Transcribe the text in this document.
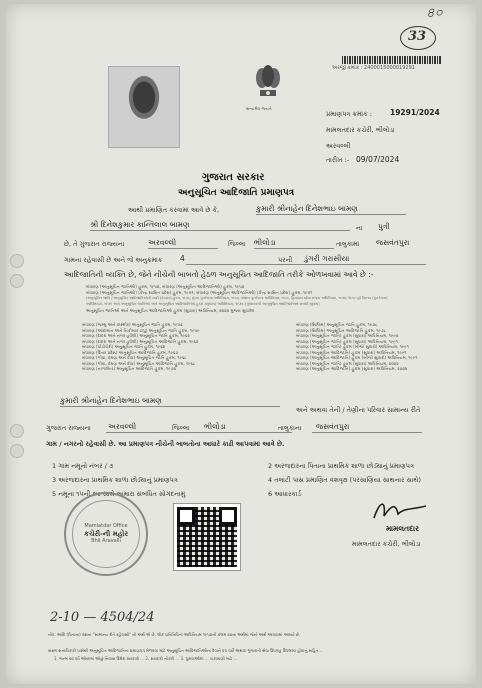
৪০
33
સત્યમેવ જયતે
અરજી ક્રમાંક : 2400015000019291
પ્રમાણપત્ર ક્રમાંક : 19291/2024
મામલતદાર કચેરી, ભીલોડા
અરવલ્લી
તારીખ :- 09/07/2024
ગુજરાત સરકાર
અનુસૂચિત આદિજાતિ પ્રમાણપત્ર
આથી પ્રમાણિત કરવામાં આવે છે કે,	કુમારી શ્રીનાહેન દિનેશભાઇ બામણ
શ્રી દિનેશકુમાર કાન્તિલાલ બામણ	ના પુત્રી
છે, તે ગુજરાત રાજ્યના	અરવલ્લી	જિલ્લા ભીલોડા	તાલુકામાં જસવંતપુરા
ગામના રહેવાસી છે અને જે અનુક્રમાંક 4	પરની ડુંગરી ગરાસીયા
આદિજાતિની વ્યક્તિ છે, જેને નીચેની બાબતો હેઠળ અનુસૂચિત આદિજાતિ તરીકે ઓળખવામાં આવે છે :-
બંધારણ (અનુસૂચિત જાતિઓ) હુકમ, ૧૯૫૦, બંધારણ (અનુસૂચિત આદિજાતિઓ) હુકમ, ૧૯૫૦
બંધારણ (અનુસૂચિત જાતિઓ) (કેન્દ્ર શાસિત પ્રદેશ) હુકમ, ૧૯૫૧, બંધારણ (અનુસૂચિત આદિજાતિઓ) (કેન્દ્ર શાસિત પ્રદેશ) હુકમ, ૧૯૫૧
(અનુસૂચિત જાતિ / અનુસૂચિત આદિજાતિઓની યાદી (ફેરફાર) હુકમ, ૧૯૫૬, મુંબઇ પુનર્રચના અધિનિયમ, ૧૯૬૦, પંજાબ પુનર્રચના અધિનિયમ, ૧૯૬૬, હિમાચલ પ્રદેશ રાજ્ય અધિનિયમ, ૧૯૭૦, ઉત્તર-પૂર્વ વિસ્તાર (પુનર્રચના)
અધિનિયમ, ૧૯૭૧ અને અનુસૂચિત જાતિઓ અને અનુસૂચિત આદિજાતિઓ હુકમ (સુધારા) અધિનિયમ, ૧૯૭૬ (ગુજરાતની અનુસૂચિત આદિજાતિઓ સંબંધી સુધારા)
અનુસૂચિત જાતિઓ અને અનુસૂચિત આદિજાતિઓ હુકમ (સુધારા) અધિનિયમ, ૨૦૦૨ મુજબ સુધારેલ
બંધારણ (જમ્મુ અને કાશ્મીર) અનુસૂચિત જાતિ હુકમ, ૧૯૫૬
બંધારણ (આંદામાન અને નિકોબાર ટાપુ) અનુસૂચિત જાતિ હુકમ, ૧૯૫૯
બંધારણ (દાદરા અને નગર હવેલી) અનુસૂચિત જાતિ હુકમ, ૧૯૬૨
બંધારણ (દાદરા અને નગર હવેલી) અનુસૂચિત આદિજાતિ હુકમ, ૧૯૬૨
બંધારણ (પોંડીચેરી) અનુસૂચિત જાતિ હુકમ, ૧૯૬૪
બંધારણ (ઉત્તર પ્રદેશ) અનુસૂચિત આદિજાતિ હુકમ, ૧૯૬૭
બંધારણ (ગોવા, દમણ અને દીવ) અનુસૂચિત જાતિ હુકમ, ૧૯૬૮
બંધારણ (ગોવા, દમણ અને દીવ) અનુસૂચિત આદિજાતિ હુકમ, ૧૯૬૮
બંધારણ (નાગાલેન્ડ) અનુસૂચિત આદિજાતિ હુકમ, ૧૯૭૦
બંધારણ (સિક્કિમ) અનુસૂચિત જાતિ હુકમ, ૧૯૭૮
બંધારણ (સિક્કિમ) અનુસૂચિત આદિજાતિ હુકમ, ૧૯૭૮
બંધારણ (અનુસૂચિત જાતિ) હુકમ (સુધારા) અધિનિયમ, ૧૯૯૦
બંધારણ (અનુસૂચિત જાતિ) હુકમ (સુધારા) અધિનિયમ, ૧૯૯૧
બંધારણ (અનુસૂચિત જાતિ) હુકમ (બીજો સુધારો) અધિનિયમ, ૧૯૯૧
બંધારણ (અનુસૂચિત આદિજાતિ) હુકમ (સુધારા) અધિનિયમ, ૧૯૯૧
બંધારણ (અનુસૂચિત આદિજાતિ) હુકમ (બીજો સુધારો) અધિનિયમ, ૧૯૯૧
બંધારણ (અનુસૂચિત જાતિ) હુકમ (સુધારા) અધિનિયમ, ૨૦૦૨
બંધારણ (અનુસૂચિત આદિજાતિ) હુકમ (સુધારા) અધિનિયમ, ૨૦૦૨
કુમારી શ્રીનાહેન દિનેશભાઇ બામણ
અને અથવા તેની / તેણીના પરિવાર સામાન્ય રીતે
ગુજરાત રાજ્યના અરવલ્લી	જિલ્લા ભીલોડા	તાલુકાના જસવંતપુરા
ગામ / નગરનો રહેવાસી છે. આ પ્રમાણપત્ર નીચેની બાબતોના આધારે કાઢી આપવામાં આવે છે.
1 ગામ નમૂનો નંબર / ૭	2 અરજદારના પિતાના પ્રાથમિક શાળા છોડ્યાનું પ્રમાણપત્ર
3 અરજદારના પ્રાથમિક શાળા છોડ્યાનું પ્રમાણપત્ર	4 તલાટી પાસ પ્રમાણિત વંશવૃક્ષ (પરસાણિયા સાથનાર સાથે)
5 નમૂના ૧૫ની આ સાથે અમારા સંબંધિત સોગંદનામું	6 આધારકાર્ડ
Mamlatdar Office
કચેરી-ની મહોર
Bhil Aravalli
મામલતદાર
મામલતદાર કચેરી, ભીલોડા
2-10 — 4504/24
નોંધ: આદિ (પિતાના) વંશ‍ના "સામાન્ય રીતે રહેવાસી" નો અર્થ એ છે, લોક પ્રતિનિધિત્વ અધિનિયમ ૧૯૫૦ની કલમ ૨૦ના અર્થમાં જેનો અર્થ આપવામાં આવ્યો છે.
સક્ષમ સત્તાધિકારી પાસેથી અનુસૂચિત આદિજાતિના પ્રમાણપત્ર મેળવવા માટે અનુસૂચિત આદિજાતિઓના દેવાને ૨૫ વર્ષો અથવા ગુજરાતી સેવા ઉપગ્રહ ઉપલબ્ધ હોવાનું સહિત...
1. જન્મ ૨૦ વર્ષ ઓછામાં ઓછું નિવાસ ઉમેરા સરકારી ... 2. સરકારી નોકરી ... 3. પુરાવાઓમાં ... ચકાસણી માટે ...
